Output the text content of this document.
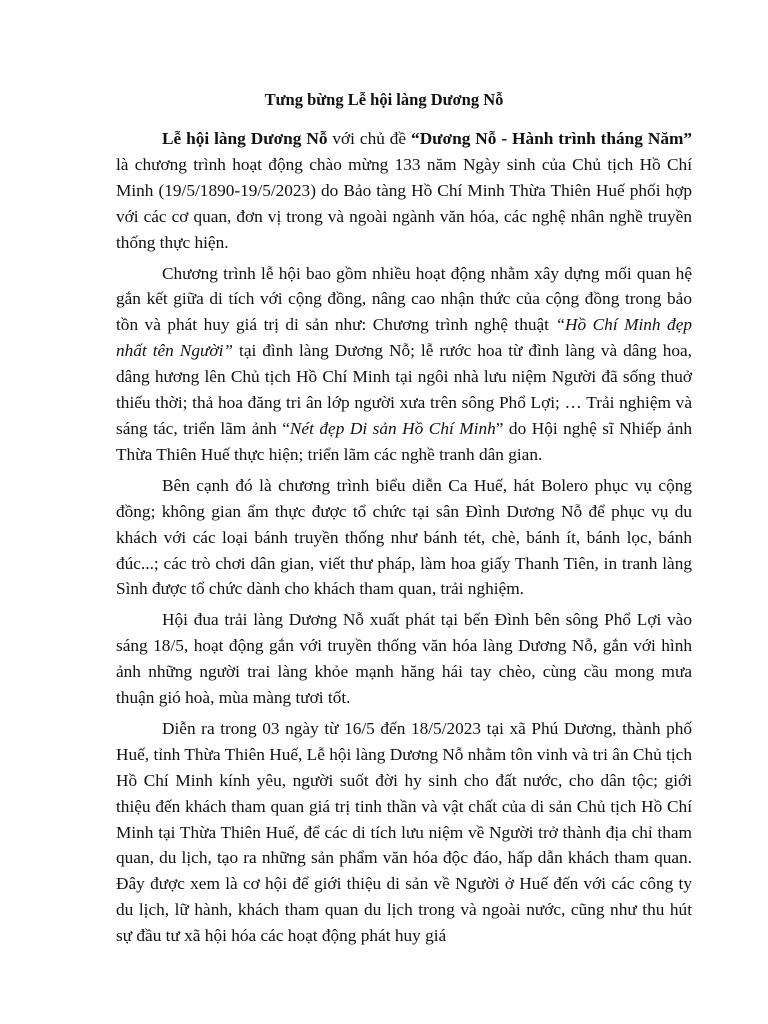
Tưng bừng Lễ hội làng Dương Nỗ

Lễ hội làng Dương Nỗ với chủ đề “Dương Nỗ - Hành trình tháng Năm” là chương trình hoạt động chào mừng 133 năm Ngày sinh của Chủ tịch Hồ Chí Minh (19/5/1890-19/5/2023) do Bảo tàng Hồ Chí Minh Thừa Thiên Huế phối hợp với các cơ quan, đơn vị trong và ngoài ngành văn hóa, các nghệ nhân nghề truyền thống thực hiện.

Chương trình lễ hội bao gồm nhiều hoạt động nhằm xây dựng mối quan hệ gắn kết giữa di tích với cộng đồng, nâng cao nhận thức của cộng đồng trong bảo tồn và phát huy giá trị di sản như: Chương trình nghệ thuật “Hồ Chí Minh đẹp nhất tên Người” tại đình làng Dương Nỗ; lễ rước hoa từ đình làng và dâng hoa, dâng hương lên Chủ tịch Hồ Chí Minh tại ngôi nhà lưu niệm Người đã sống thuở thiếu thời; thả hoa đăng tri ân lớp người xưa trên sông Phổ Lợi; … Trải nghiệm và sáng tác, triển lãm ảnh “Nét đẹp Di sản Hồ Chí Minh” do Hội nghệ sĩ Nhiếp ảnh Thừa Thiên Huế thực hiện; triển lãm các nghề tranh dân gian.

Bên cạnh đó là chương trình biểu diễn Ca Huế, hát Bolero phục vụ cộng đồng; không gian ẩm thực được tổ chức tại sân Đình Dương Nỗ để phục vụ du khách với các loại bánh truyền thống như bánh tét, chè, bánh ít, bánh lọc, bánh đúc...; các trò chơi dân gian, viết thư pháp, làm hoa giấy Thanh Tiên, in tranh làng Sình được tổ chức dành cho khách tham quan, trải nghiệm.

Hội đua trải làng Dương Nỗ xuất phát tại bến Đình bên sông Phổ Lợi vào sáng 18/5, hoạt động gắn với truyền thống văn hóa làng Dương Nỗ, gắn với hình ảnh những người trai làng khỏe mạnh hăng hái tay chèo, cùng cầu mong mưa thuận gió hoà, mùa màng tươi tốt.

Diễn ra trong 03 ngày từ 16/5 đến 18/5/2023 tại xã Phú Dương, thành phố Huế, tỉnh Thừa Thiên Huế, Lễ hội làng Dương Nỗ nhằm tôn vinh và tri ân Chủ tịch Hồ Chí Minh kính yêu, người suốt đời hy sinh cho đất nước, cho dân tộc; giới thiệu đến khách tham quan giá trị tinh thần và vật chất của di sản Chủ tịch Hồ Chí Minh tại Thừa Thiên Huế, để các di tích lưu niệm về Người trở thành địa chỉ tham quan, du lịch, tạo ra những sản phẩm văn hóa độc đáo, hấp dẫn khách tham quan. Đây được xem là cơ hội để giới thiệu di sản về Người ở Huế đến với các công ty du lịch, lữ hành, khách tham quan du lịch trong và ngoài nước, cũng như thu hút sự đầu tư xã hội hóa các hoạt động phát huy giá
